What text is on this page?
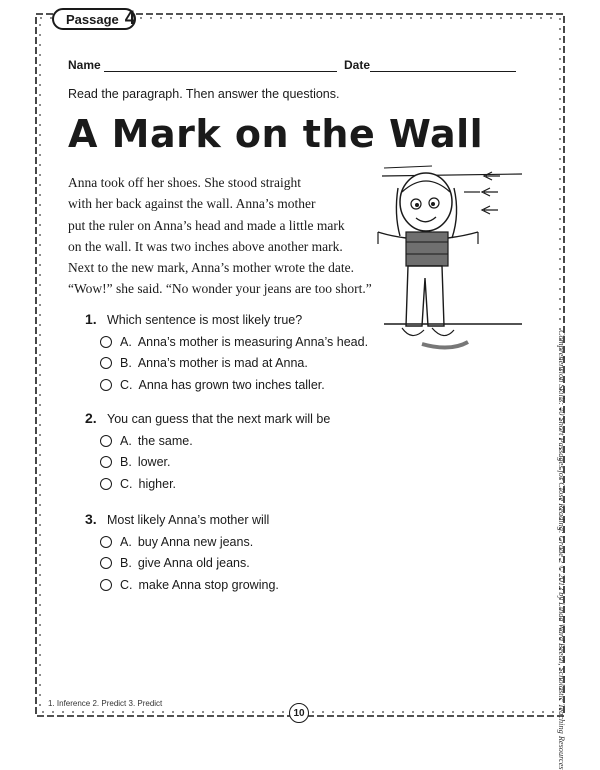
Passage 4
Name	Date
Read the paragraph. Then answer the questions.
A Mark on the Wall
Anna took off her shoes. She stood straight
with her back against the wall. Anna’s mother
put the ruler on Anna’s head and made a little mark
on the wall. It was two inches above another mark.
Next to the new mark, Anna’s mother wrote the date.
“Wow!” she said. “No wonder your jeans are too short.”
1. Which sentence is most likely true?
A. Anna’s mother is measuring Anna’s head.
B. Anna’s mother is mad at Anna.
C. Anna has grown two inches taller.
2. You can guess that the next mark will be
A. the same.
B. lower.
C. higher.
3. Most likely Anna’s mother will
A. buy Anna new jeans.
B. give Anna old jeans.
C. make Anna stop growing.	Comprehension Skills: 40 Short Passages for Close Reading: Grade 2 © 2012 by Linda Ward Beech, Scholastic Teaching Resources
1. Inference 2. Predict 3. Predict
10
